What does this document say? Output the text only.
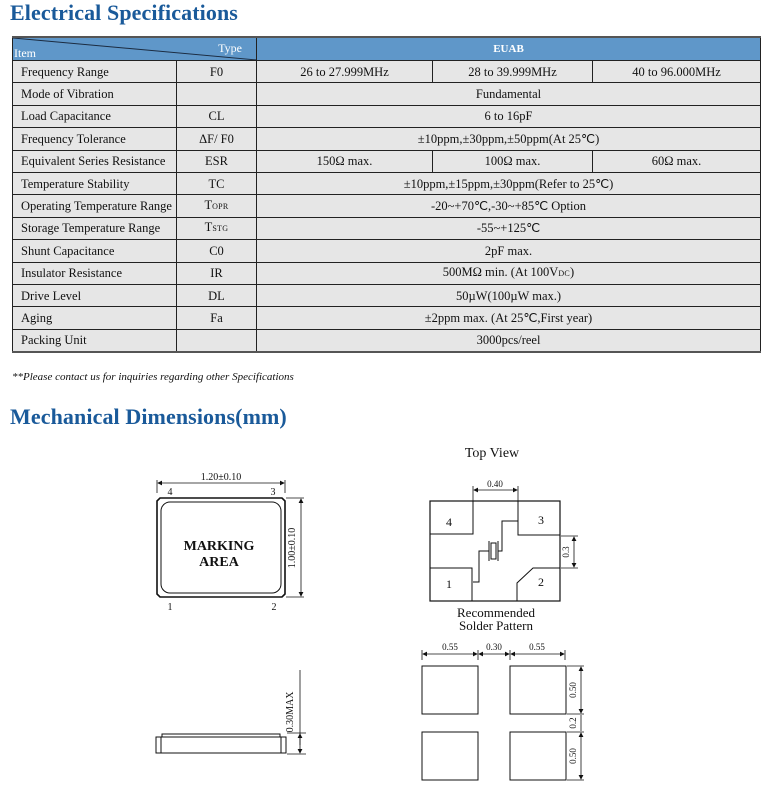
Electrical Specifications
Item Type		EUAB		
Frequency Range	F0	26 to 27.999MHz	28 to 39.999MHz	40 to 96.000MHz
Mode of Vibration		Fundamental		
Load Capacitance	CL	6 to 16pF		
Frequency Tolerance	ΔF/ F0	±10ppm,±30ppm,±50ppm(At 25℃)		
Equivalent Series Resistance	ESR	150Ω max.	100Ω max.	60Ω max.
Temperature Stability	TC	±10ppm,±15ppm,±30ppm(Refer to 25℃)		
Operating Temperature Range	TOPR	-20~+70℃,-30~+85℃ Option		
Storage Temperature Range	TSTG	-55~+125℃		
Shunt Capacitance	C0	2pF max.		
Insulator Resistance	IR	500MΩ min. (At 100VDC)		
Drive Level	DL	50µW(100µW max.)		
Aging	Fa	±2ppm max. (At 25℃,First year)		
Packing Unit		3000pcs/reel		
**Please contact us for inquiries regarding other Specifications
Mechanical Dimensions(mm)
1.20±0.10
1.00±0.10
MARKING
AREA
4	3
1	2
0.30MAX
Top View
0.40
0.3
4	3
1	2
Recommended
Solder Pattern
0.55	0.30	0.55
0.50
0.2
0.50
